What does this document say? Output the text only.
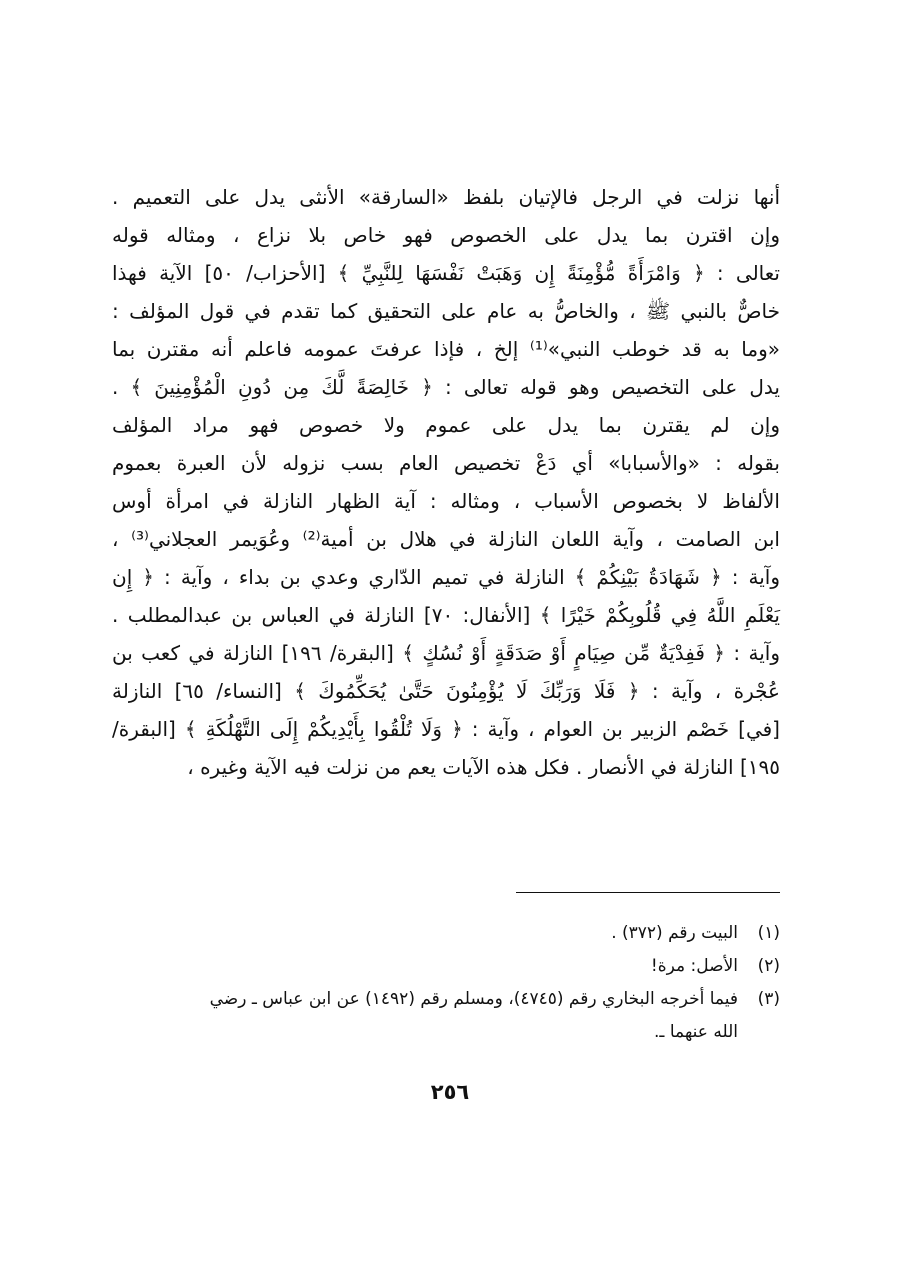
أنها نزلت في الرجل فالإتيان بلفظ «السارقة» الأنثى يدل على التعميم .
وإن اقترن بما يدل على الخصوص فهو خاص بلا نزاع ، ومثاله قوله
تعالى : ﴿ وَامْرَأَةً مُّؤْمِنَةً إِن وَهَبَتْ نَفْسَهَا لِلنَّبِيِّ ﴾ [الأحزاب/ ٥٠] الآية فهذا
خاصٌّ بالنبي ﷺ ، والخاصُّ به عام على التحقيق كما تقدم في قول المؤلف :
«وما به قد خوطب النبي»⁽¹⁾ إلخ ، فإذا عرفتَ عمومه فاعلم أنه مقترن بما
يدل على التخصيص وهو قوله تعالى : ﴿ خَالِصَةً لَّكَ مِن دُونِ الْمُؤْمِنِينَ ﴾ .
وإن لم يقترن بما يدل على عموم ولا خصوص فهو مراد المؤلف
بقوله : «والأسبابا» أي دَعْ تخصيص العام بسب نزوله لأن العبرة بعموم
الألفاظ لا بخصوص الأسباب ، ومثاله : آية الظهار النازلة في امرأة أوس
ابن الصامت ، وآية اللعان النازلة في هلال بن أمية⁽²⁾ وعُوَيمر العجلاني⁽³⁾ ،
وآية : ﴿ شَهَادَةُ بَيْنِكُمْ ﴾ النازلة في تميم الدّاري وعدي بن بداء ، وآية : ﴿ إِن
يَعْلَمِ اللَّهُ فِي قُلُوبِكُمْ خَيْرًا ﴾ [الأنفال: ٧٠] النازلة في العباس بن عبدالمطلب .
وآية : ﴿ فَفِدْيَةٌ مِّن صِيَامٍ أَوْ صَدَقَةٍ أَوْ نُسُكٍ ﴾ [البقرة/ ١٩٦] النازلة في كعب بن
عُجْرة ، وآية : ﴿ فَلَا وَرَبِّكَ لَا يُؤْمِنُونَ حَتَّىٰ يُحَكِّمُوكَ ﴾ [النساء/ ٦٥] النازلة
[في] خَصْم الزبير بن العوام ، وآية : ﴿ وَلَا تُلْقُوا بِأَيْدِيكُمْ إِلَى التَّهْلُكَةِ ﴾ [البقرة/
١٩٥] النازلة في الأنصار . فكل هذه الآيات يعم من نزلت فيه الآية وغيره ،
(١)
البيت رقم (٣٧٢) .
(٢)
الأصل: مرة!
(٣)
فيما أخرجه البخاري رقم (٤٧٤٥)، ومسلم رقم (١٤٩٢) عن ابن عباس ـ رضي
الله عنهما ـ.
٢٥٦
